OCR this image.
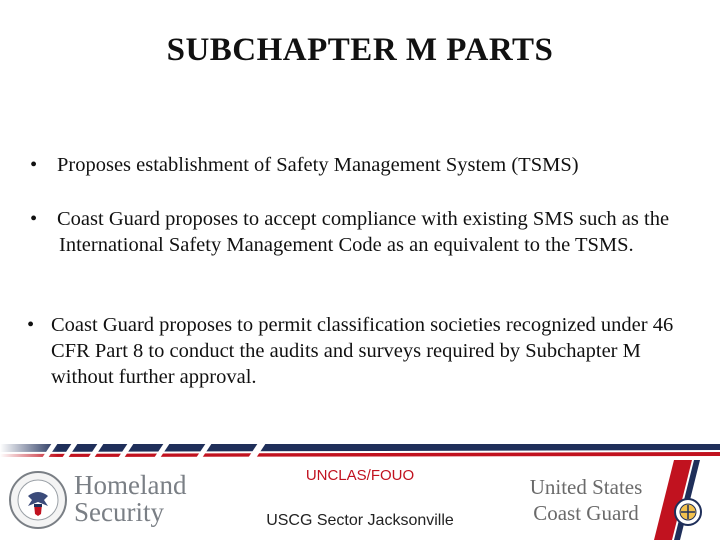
SUBCHAPTER M PARTS
• Proposes establishment of Safety Management System (TSMS)
• Coast Guard proposes to accept compliance with existing SMS such as the International Safety Management Code as an equivalent to the TSMS.
• Coast Guard proposes to permit classification societies recognized under 46 CFR Part 8 to conduct the audits and surveys required by Subchapter M without further approval.
UNCLAS/FOUO
USCG Sector Jacksonville
Homeland
Security
United States
Coast Guard
